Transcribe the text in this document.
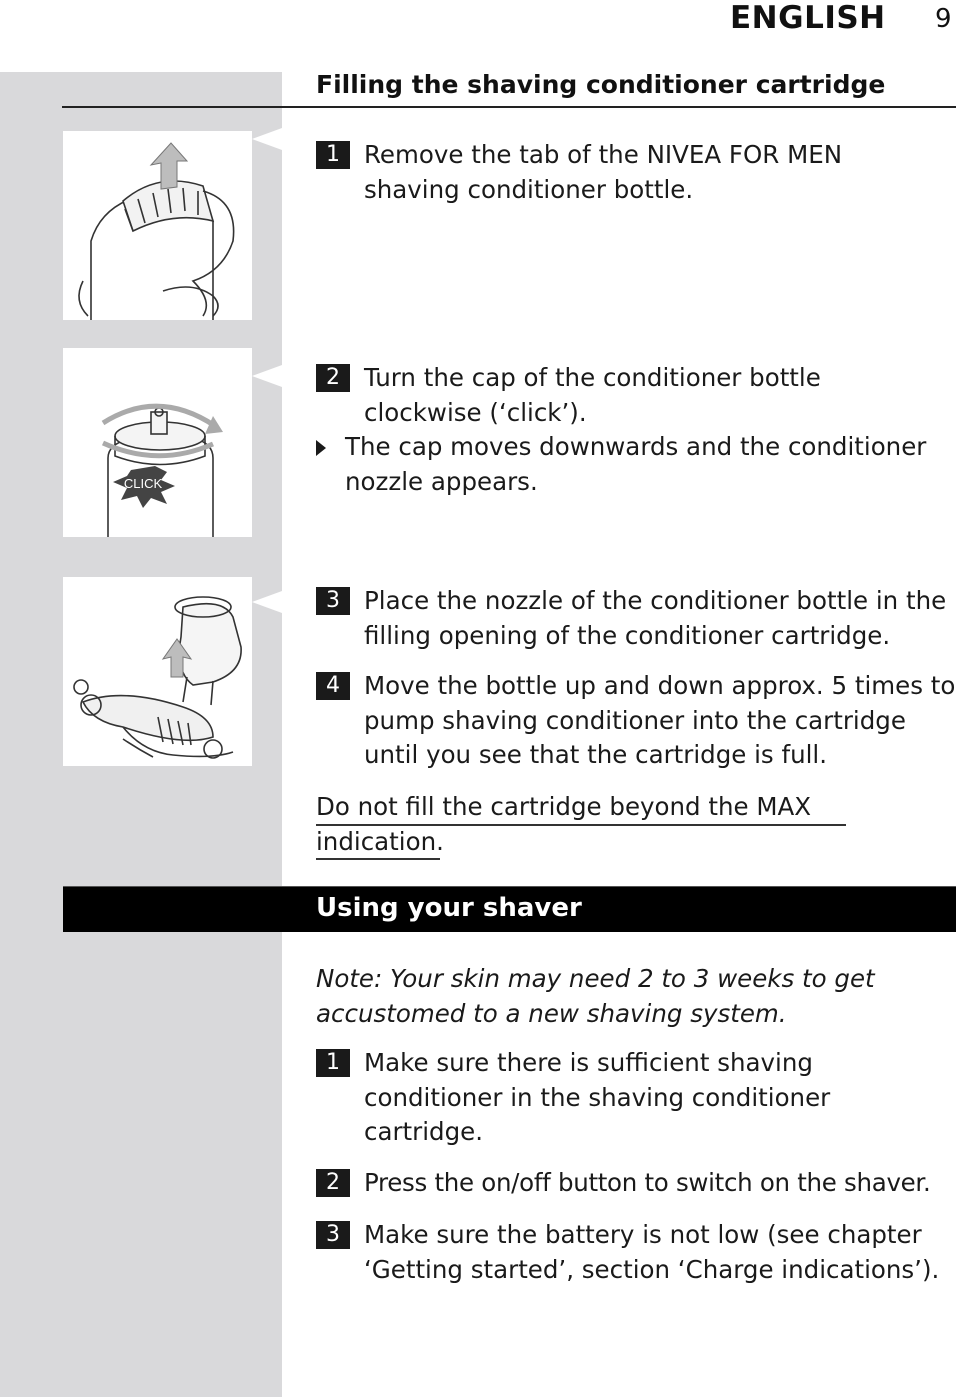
ENGLISH 9
Filling the shaving conditioner cartridge
CLICK
1 Remove the tab of the NIVEA FOR MEN shaving conditioner bottle.
2 Turn the cap of the conditioner bottle clockwise (‘click’).
The cap moves downwards and the conditioner nozzle appears.
3 Place the nozzle of the conditioner bottle in the filling opening of the conditioner cartridge.
4 Move the bottle up and down approx. 5 times to pump shaving conditioner into the cartridge until you see that the cartridge is full.
Do not fill the cartridge beyond the MAX indication.
Using your shaver
Note: Your skin may need 2 to 3 weeks to get accustomed to a new shaving system.
1 Make sure there is sufficient shaving conditioner in the shaving conditioner cartridge.
2 Press the on/off button to switch on the shaver.
3 Make sure the battery is not low (see chapter ‘Getting started’, section ‘Charge indications’).
